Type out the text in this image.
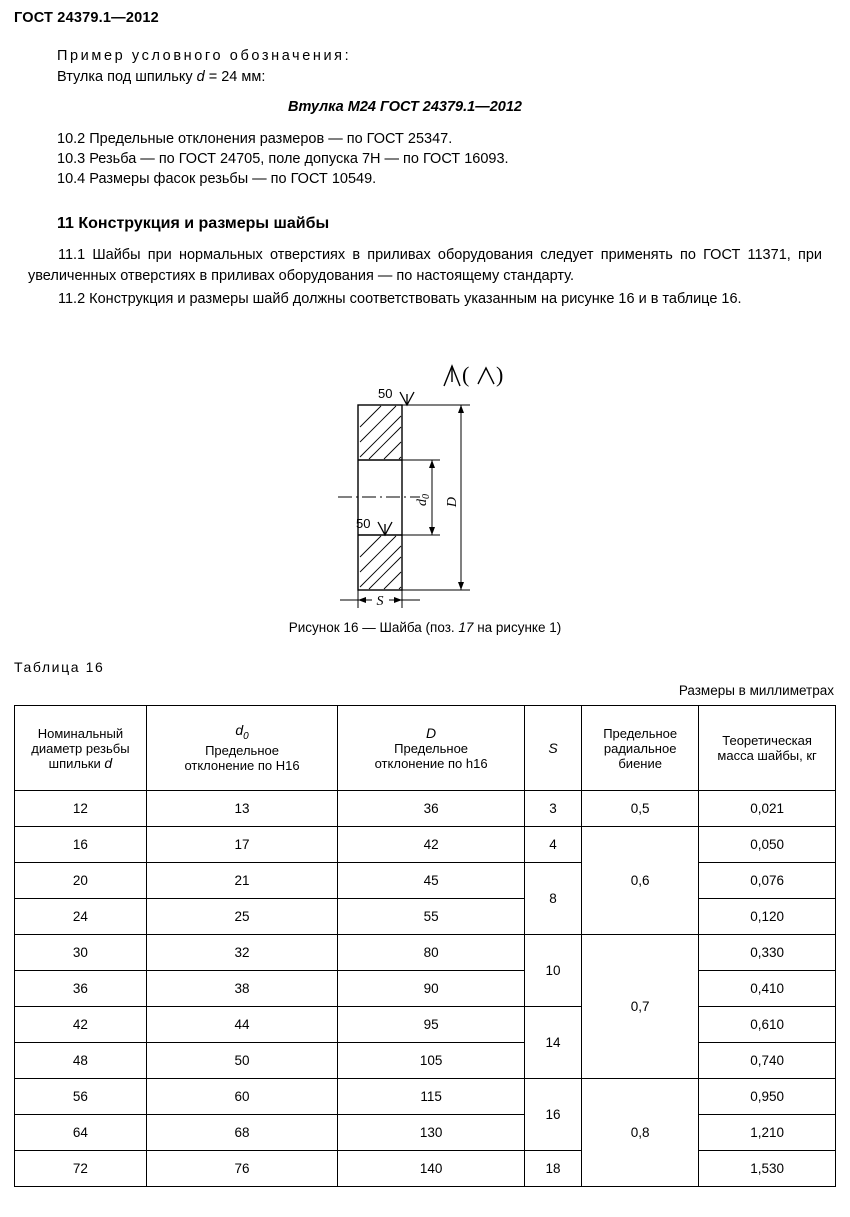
ГОСТ 24379.1—2012
Пример условного обозначения:
Втулка под шпильку d = 24 мм:
Втулка М24 ГОСТ 24379.1—2012
10.2 Предельные отклонения размеров — по ГОСТ 25347.
10.3 Резьба — по ГОСТ 24705, поле допуска 7Н — по ГОСТ 16093.
10.4 Размеры фасок резьбы — по ГОСТ 10549.
11 Конструкция и размеры шайбы
11.1 Шайбы при нормальных отверстиях в приливах оборудования следует применять по ГОСТ 11371, при увеличенных отверстиях в приливах оборудования — по настоящему стандарту.
11.2 Конструкция и размеры шайб должны соответствовать указанным на рисунке 16 и в таблице 16.
( )
50
50
D
$d_0$
S
Рисунок 16 — Шайба (поз. 17 на рисунке 1)
Таблица 16
Размеры в миллиметрах
Номинальный
диаметр резьбы
шпильки d

$d_0$
Предельное
отклонение по Н16

D
Предельное
отклонение по h16

S

Предельное
радиальное
биение

Теоретическая
масса шайбы, кг

12	13	36	3	0,5	0,021
16	17	42	4	0,6	0,050
20	21	45	8		0,076
24	25	55			0,120
30	32	80	10	0,7	0,330
36	38	90			0,410
42	44	95	14		0,610
48	50	105			0,740
56	60	115	16	0,8	0,950
64	68	130			1,210
72	76	140	18		1,530
